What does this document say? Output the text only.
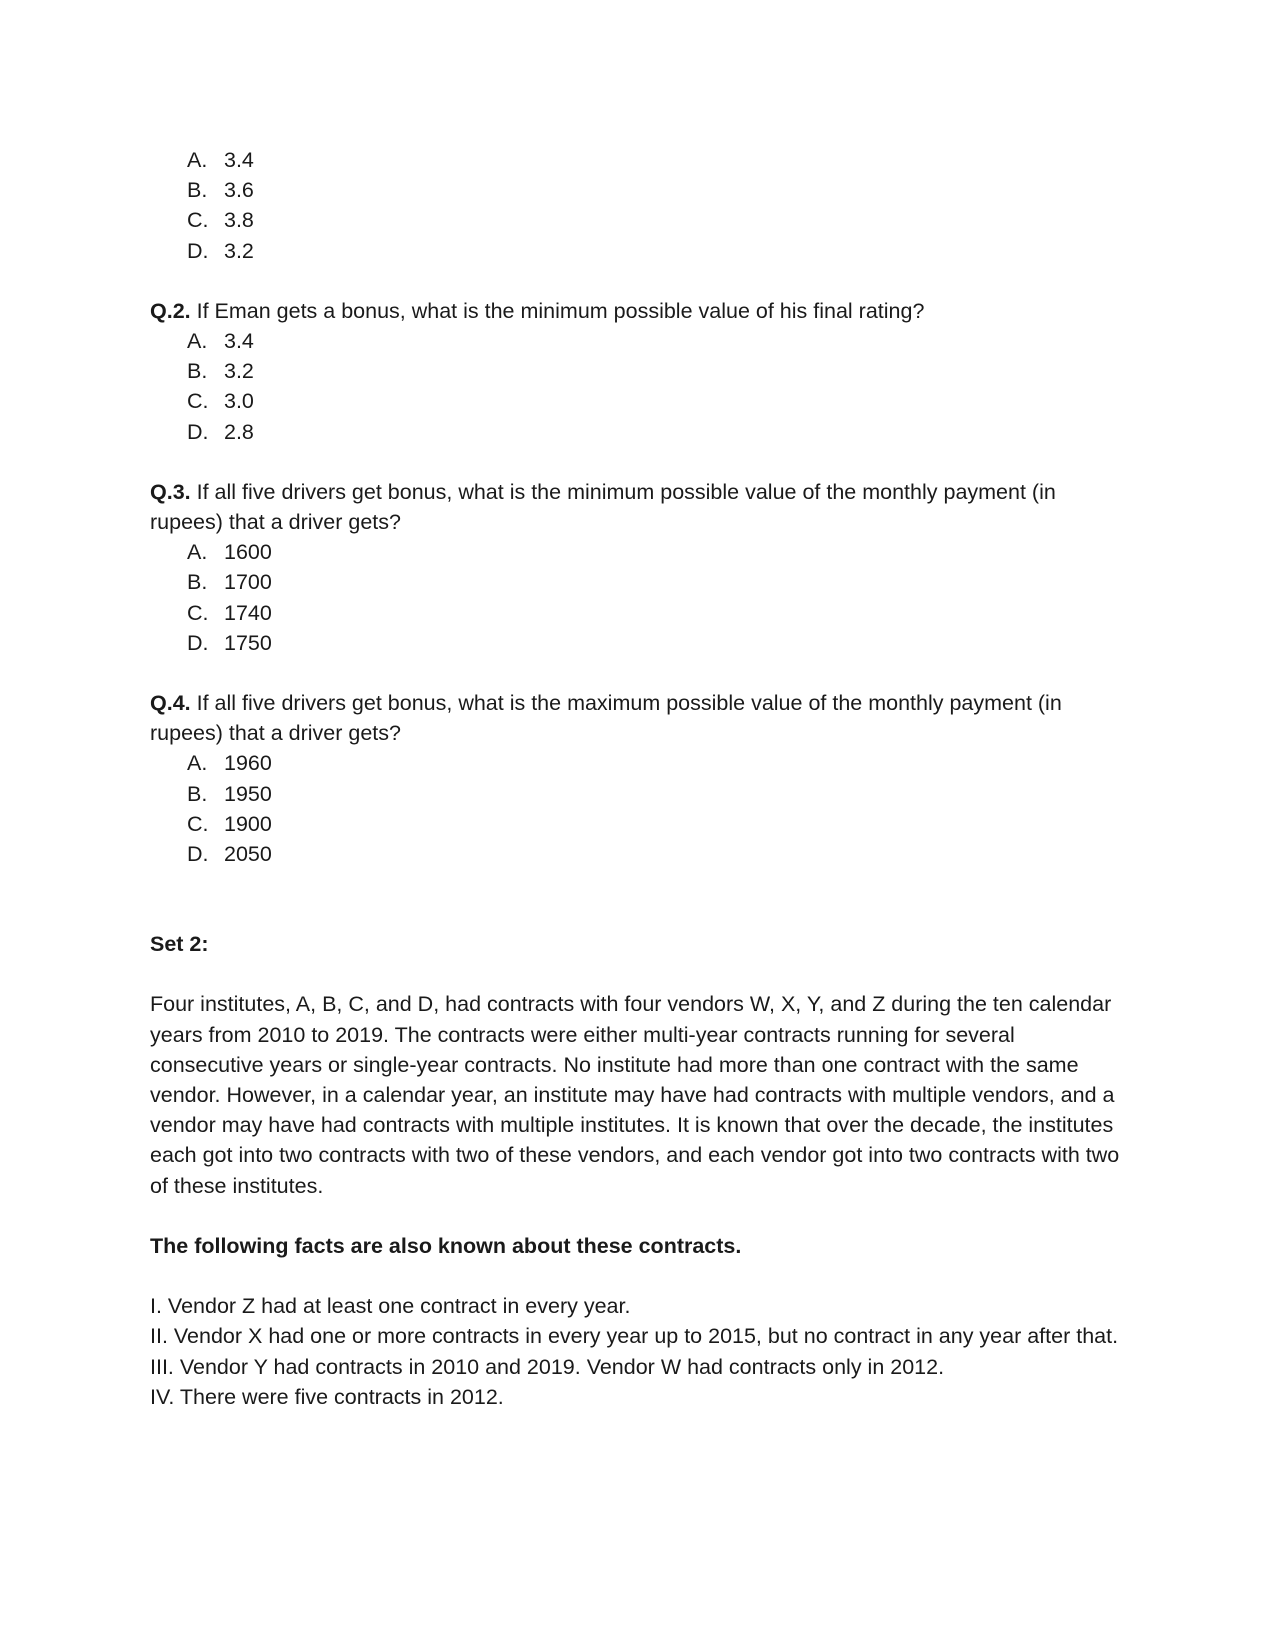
A. 3.4
B. 3.6
C. 3.8
D. 3.2

Q.2. If Eman gets a bonus, what is the minimum possible value of his final rating?

A. 3.4
B. 3.2
C. 3.0
D. 2.8

Q.3. If all five drivers get bonus, what is the minimum possible value of the monthly payment (in rupees) that a driver gets?

A. 1600
B. 1700
C. 1740
D. 1750

Q.4. If all five drivers get bonus, what is the maximum possible value of the monthly payment (in rupees) that a driver gets?

A. 1960
B. 1950
C. 1900
D. 2050

Set 2:

Four institutes, A, B, C, and D, had contracts with four vendors W, X, Y, and Z during the ten calendar years from 2010 to 2019. The contracts were either multi-year contracts running for several consecutive years or single-year contracts. No institute had more than one contract with the same vendor. However, in a calendar year, an institute may have had contracts with multiple vendors, and a vendor may have had contracts with multiple institutes. It is known that over the decade, the institutes each got into two contracts with two of these vendors, and each vendor got into two contracts with two of these institutes.

The following facts are also known about these contracts.

I. Vendor Z had at least one contract in every year.

II. Vendor X had one or more contracts in every year up to 2015, but no contract in any year after that.

III. Vendor Y had contracts in 2010 and 2019. Vendor W had contracts only in 2012.

IV. There were five contracts in 2012.
